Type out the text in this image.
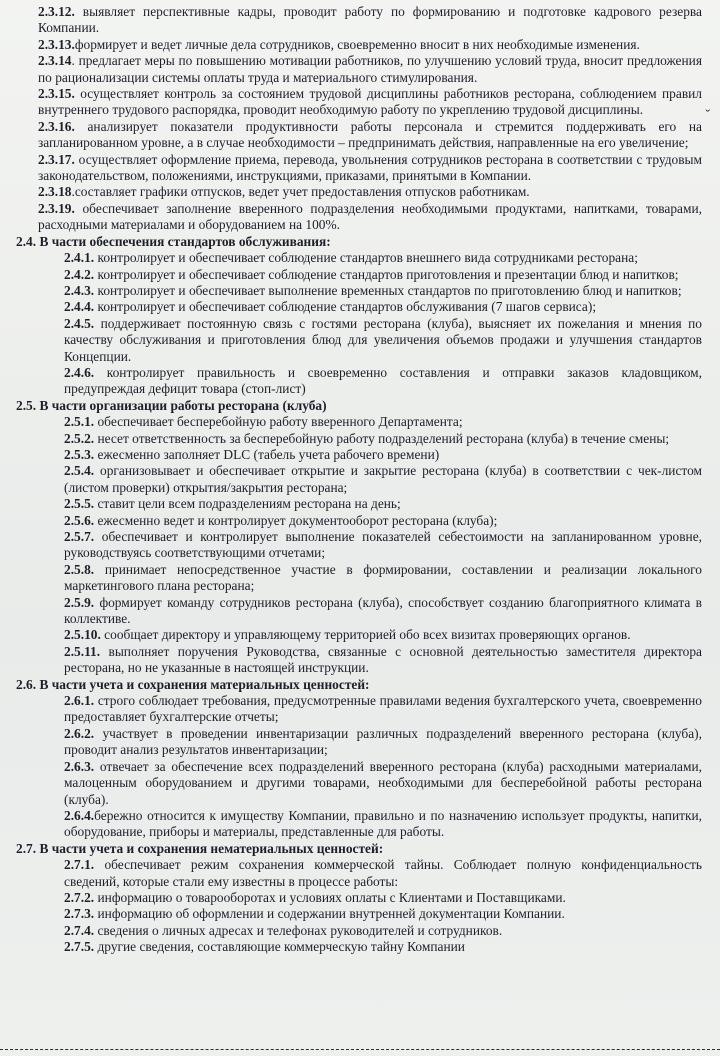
2.3.12. выявляет перспективные кадры, проводит работу по формированию и подготовке кадрового резерва Компании.

2.3.13.формирует и ведет личные дела сотрудников, своевременно вносит в них необходимые изменения.

2.3.14. предлагает меры по повышению мотивации работников, по улучшению условий труда, вносит предложения по рационализации системы оплаты труда и материального стимулирования.

2.3.15. осуществляет контроль за состоянием трудовой дисциплины работников ресторана, соблюдением правил внутреннего трудового распорядка, проводит необходимую работу по укреплению трудовой дисциплины.

2.3.16. анализирует показатели продуктивности работы персонала и стремится поддерживать его на запланированном уровне, а в случае необходимости – предпринимать действия, направленные на его увеличение;

2.3.17. осуществляет оформление приема, перевода, увольнения сотрудников ресторана в соответствии с трудовым законодательством, положениями, инструкциями, приказами, принятыми в Компании.

2.3.18.составляет графики отпусков, ведет учет предоставления отпусков работникам.

2.3.19. обеспечивает заполнение вверенного подразделения необходимыми продуктами, напитками, товарами, расходными материалами и оборудованием на 100%.

2.4. В части обеспечения стандартов обслуживания:

2.4.1. контролирует и обеспечивает соблюдение стандартов внешнего вида сотрудниками ресторана;

2.4.2. контролирует и обеспечивает соблюдение стандартов приготовления и презентации блюд и напитков;

2.4.3. контролирует и обеспечивает выполнение временных стандартов по приготовлению блюд и напитков;

2.4.4. контролирует и обеспечивает соблюдение стандартов обслуживания (7 шагов сервиса);

2.4.5. поддерживает постоянную связь с гостями ресторана (клуба), выясняет их пожелания и мнения по качеству обслуживания и приготовления блюд для увеличения объемов продажи и улучшения стандартов Концепции.

2.4.6. контролирует правильность и своевременно составления и отправки заказов кладовщиком, предупреждая дефицит товара (стоп-лист)

2.5. В части организации работы ресторана (клуба)

2.5.1. обеспечивает бесперебойную работу вверенного Департамента;

2.5.2. несет ответственность за бесперебойную работу подразделений ресторана (клуба) в течение смены;

2.5.3. ежесменно заполняет DLC (табель учета рабочего времени)

2.5.4. организовывает и обеспечивает открытие и закрытие ресторана (клуба) в соответствии с чек-листом (листом проверки) открытия/закрытия ресторана;

2.5.5. ставит цели всем подразделениям ресторана на день;

2.5.6. ежесменно ведет и контролирует документооборот ресторана (клуба);

2.5.7. обеспечивает и контролирует выполнение показателей себестоимости на запланированном уровне, руководствуясь соответствующими отчетами;

2.5.8. принимает непосредственное участие в формировании, составлении и реализации локального маркетингового плана ресторана;

2.5.9. формирует команду сотрудников ресторана (клуба), способствует созданию благоприятного климата в коллективе.

2.5.10. сообщает директору и управляющему территорией обо всех визитах проверяющих органов.

2.5.11. выполняет поручения Руководства, связанные с основной деятельностью заместителя директора ресторана, но не указанные в настоящей инструкции.

2.6. В части учета и сохранения материальных ценностей:

2.6.1. строго соблюдает требования, предусмотренные правилами ведения бухгалтерского учета, своевременно предоставляет бухгалтерские отчеты;

2.6.2. участвует в проведении инвентаризации различных подразделений вверенного ресторана (клуба), проводит анализ результатов инвентаризации;

2.6.3. отвечает за обеспечение всех подразделений вверенного ресторана (клуба) расходными материалами, малоценным оборудованием и другими товарами, необходимыми для бесперебойной работы ресторана (клуба).

2.6.4.бережно относится к имуществу Компании, правильно и по назначению использует продукты, напитки, оборудование, приборы и материалы, представленные для работы.

2.7. В части учета и сохранения нематериальных ценностей:

2.7.1. обеспечивает режим сохранения коммерческой тайны. Соблюдает полную конфиденциальность сведений, которые стали ему известны в процессе работы:

2.7.2. информацию о товарооборотах и условиях оплаты с Клиентами и Поставщиками.

2.7.3. информацию об оформлении и содержании внутренней документации Компании.

2.7.4. сведения о личных адресах и телефонах руководителей и сотрудников.

2.7.5. другие сведения, составляющие коммерческую тайну Компании

ˇ
